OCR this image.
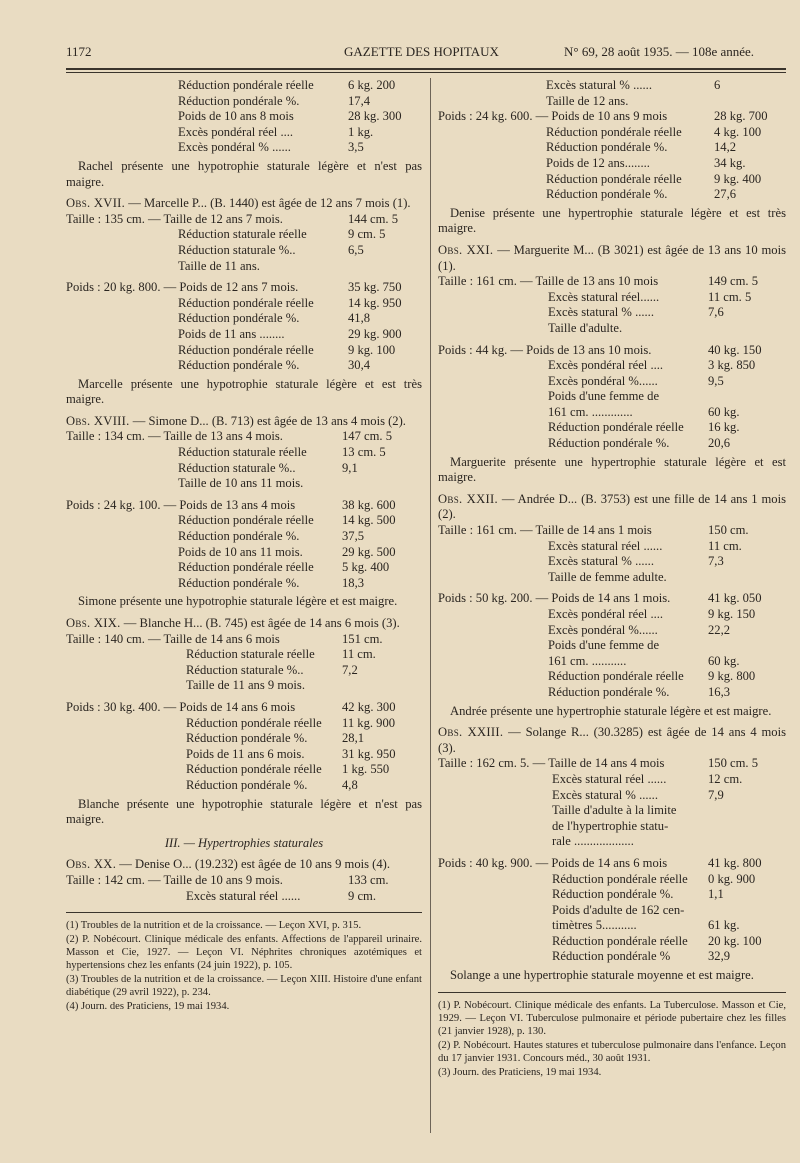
1172	GAZETTE DES HOPITAUX	N° 69, 28 août 1935. — 108e année.
Réduction pondérale réelle	6 kg. 200
Réduction pondérale %.	17,4
Poids de 10 ans 8 mois	28 kg. 300
Excès pondéral réel ....	1 kg.
Excès pondéral % ......	3,5
Rachel présente une hypotrophie staturale légère et n'est pas maigre.
Obs. XVII. — Marcelle P... (B. 1440) est âgée de 12 ans 7 mois (1).
Taille : 135 cm. — Taille de 12 ans 7 mois.	144 cm. 5
Réduction staturale réelle	9 cm. 5
Réduction staturale %..	6,5
Taille de 11 ans.
Poids : 20 kg. 800. — Poids de 12 ans 7 mois.	35 kg. 750
Réduction pondérale réelle	14 kg. 950
Réduction pondérale %.	41,8
Poids de 11 ans ........	29 kg. 900
Réduction pondérale réelle	9 kg. 100
Réduction pondérale %.	30,4
Marcelle présente une hypotrophie staturale légère et est très maigre.
Obs. XVIII. — Simone D... (B. 713) est âgée de 13 ans 4 mois (2).
Taille : 134 cm. — Taille de 13 ans 4 mois.	147 cm. 5
Réduction staturale réelle	13 cm. 5
Réduction staturale %..	9,1
Taille de 10 ans 11 mois.
Poids : 24 kg. 100. — Poids de 13 ans 4 mois	38 kg. 600
Réduction pondérale réelle 14 kg. 500
Réduction pondérale %.	37,5
Poids de 10 ans 11 mois.	29 kg. 500
Réduction pondérale réelle 5 kg. 400
Réduction pondérale %.	18,3
Simone présente une hypotrophie staturale légère et est maigre.
Obs. XIX. — Blanche H... (B. 745) est âgée de 14 ans 6 mois (3).
Taille : 140 cm. — Taille de 14 ans 6 mois	151 cm.
Réduction staturale réelle 11 cm.
Réduction staturale %..	7,2
Taille de 11 ans 9 mois.
Poids : 30 kg. 400. — Poids de 14 ans 6 mois	42 kg. 300
Réduction pondérale réelle 11 kg. 900
Réduction pondérale %.	28,1
Poids de 11 ans 6 mois.	31 kg. 950
Réduction pondérale réelle 1 kg. 550
Réduction pondérale %.	4,8
Blanche présente une hypotrophie staturale légère et n'est pas maigre.
III. — Hypertrophies staturales
Obs. XX. — Denise O... (19.232) est âgée de 10 ans 9 mois (4).
Taille : 142 cm. — Taille de 10 ans 9 mois.	133 cm.
Excès statural réel ......	9 cm.
(1) Troubles de la nutrition et de la croissance. — Leçon XVI, p. 315.
(2) P. Nobécourt. Clinique médicale des enfants. Affections de l'appareil urinaire. Masson et Cie, 1927. — Leçon VI. Néphrites chroniques azotémiques et hypertensions chez les enfants (24 juin 1922), p. 105.
(3) Troubles de la nutrition et de la croissance. — Leçon XIII. Histoire d'une enfant diabétique (29 avril 1922), p. 234.
(4) Journ. des Praticiens, 19 mai 1934.
Excès statural % ......	6
Taille de 12 ans.
Poids : 24 kg. 600. — Poids de 10 ans 9 mois	28 kg. 700
Réduction pondérale réelle	4 kg. 100
Réduction pondérale %.	14,2
Poids de 12 ans........	34 kg.
Réduction pondérale réelle	9 kg. 400
Réduction pondérale %.	27,6
Denise présente une hypertrophie staturale légère et est très maigre.
Obs. XXI. — Marguerite M... (B 3021) est âgée de 13 ans 10 mois (1).
Taille : 161 cm. — Taille de 13 ans 10 mois	149 cm. 5
Excès statural réel......	11 cm. 5
Excès statural % ......	7,6
Taille d'adulte.
Poids : 44 kg. — Poids de 13 ans 10 mois.	40 kg. 150
Excès pondéral réel ....	3 kg. 850
Excès pondéral %......	9,5
Poids d'une femme de
161 cm. .............	60 kg.
Réduction pondérale réelle 16 kg.
Réduction pondérale %.	20,6
Marguerite présente une hypertrophie staturale légère et est maigre.
Obs. XXII. — Andrée D... (B. 3753) est une fille de 14 ans 1 mois (2).
Taille : 161 cm. — Taille de 14 ans 1 mois	150 cm.
Excès statural réel ......	11 cm.
Excès statural % ......	7,3
Taille de femme adulte.
Poids : 50 kg. 200. — Poids de 14 ans 1 mois.	41 kg. 050
Excès pondéral réel ....	9 kg. 150
Excès pondéral %......	22,2
Poids d'une femme de
161 cm. ...........	60 kg.
Réduction pondérale réelle 9 kg. 800
Réduction pondérale %.	16,3
Andrée présente une hypertrophie staturale légère et est maigre.
Obs. XXIII. — Solange R... (30.3285) est âgée de 14 ans 4 mois (3).
Taille : 162 cm. 5. — Taille de 14 ans 4 mois	150 cm. 5
Excès statural réel ......	12 cm.
Excès statural % ......	7,9
Taille d'adulte à la limite
de l'hypertrophie statu-
rale ...................
Poids : 40 kg. 900. — Poids de 14 ans 6 mois	41 kg. 800
Réduction pondérale réelle 0 kg. 900
Réduction pondérale %.	1,1
Poids d'adulte de 162 cen-
timètres 5...........	61 kg.
Réduction pondérale réelle 20 kg. 100
Réduction pondérale %	32,9
Solange a une hypertrophie staturale moyenne et est maigre.
(1) P. Nobécourt. Clinique médicale des enfants. La Tuberculose. Masson et Cie, 1929. — Leçon VI. Tuberculose pulmonaire et période pubertaire chez les filles (21 janvier 1928), p. 130.
(2) P. Nobécourt. Hautes statures et tuberculose pulmonaire dans l'enfance. Leçon du 17 janvier 1931. Concours méd., 30 août 1931.
(3) Journ. des Praticiens, 19 mai 1934.
